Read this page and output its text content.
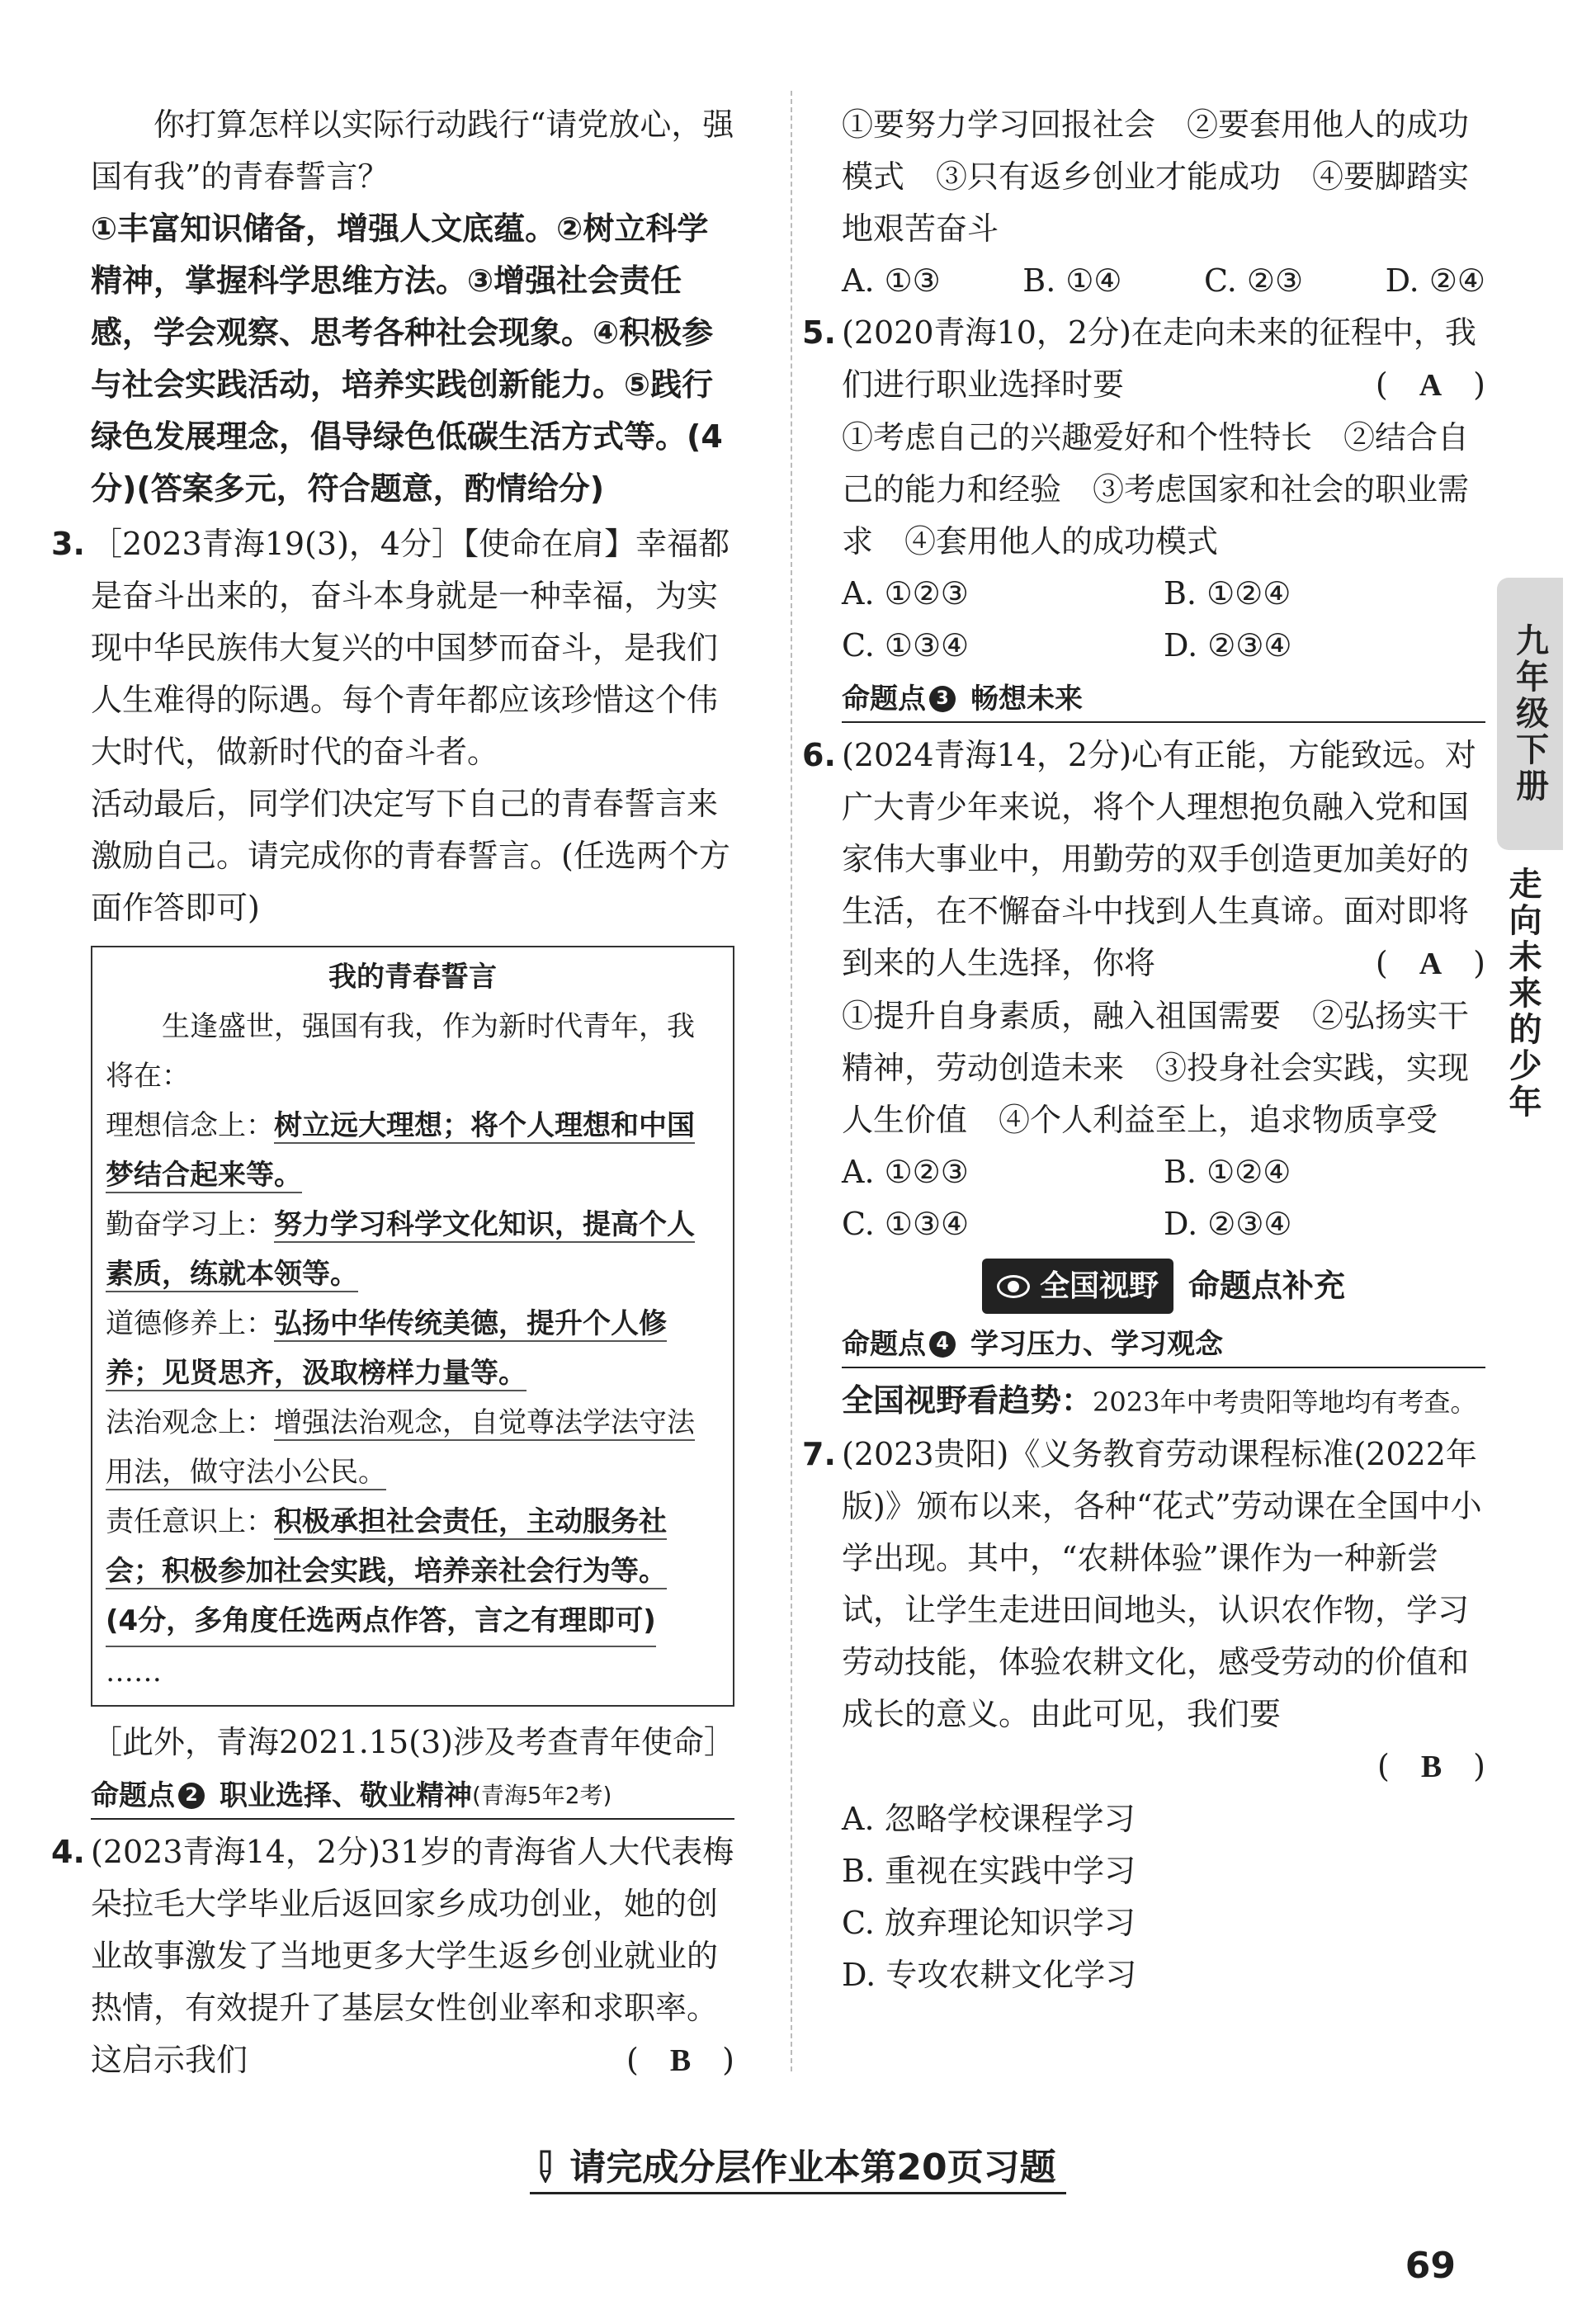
你打算怎样以实际行动践行“请党放心，强国有我”的青春誓言？
①丰富知识储备，增强人文底蕴。②树立科学精神，掌握科学思维方法。③增强社会责任感，学会观察、思考各种社会现象。④积极参与社会实践活动，培养实践创新能力。⑤践行绿色发展理念，倡导绿色低碳生活方式等。(4分)(答案多元，符合题意，酌情给分)
3. ［2023青海19(3)，4分］【使命在肩】幸福都是奋斗出来的，奋斗本身就是一种幸福，为实现中华民族伟大复兴的中国梦而奋斗，是我们人生难得的际遇。每个青年都应该珍惜这个伟大时代，做新时代的奋斗者。
活动最后，同学们决定写下自己的青春誓言来激励自己。请完成你的青春誓言。(任选两个方面作答即可)
我的青春誓言
生逢盛世，强国有我，作为新时代青年，我将在：
理想信念上：树立远大理想；将个人理想和中国梦结合起来等。
勤奋学习上：努力学习科学文化知识，提高个人素质，练就本领等。
道德修养上：弘扬中华传统美德，提升个人修养；见贤思齐，汲取榜样力量等。
法治观念上：增强法治观念，自觉尊法学法守法用法，做守法小公民。
责任意识上：积极承担社会责任，主动服务社会；积极参加社会实践，培养亲社会行为等。
(4分，多角度任选两点作答，言之有理即可)
……
［此外，青海2021.15(3)涉及考查青年使命］
命题点 2 职业选择、敬业精神 (青海5年2考)
4. (2023青海14，2分)31岁的青海省人大代表梅朵拉毛大学毕业后返回家乡成功创业，她的创业故事激发了当地更多大学生返乡创业就业的热情，有效提升了基层女性创业率和求职率。这启示我们	(　B　)
①要努力学习回报社会　②要套用他人的成功模式　③只有返乡创业才能成功　④要脚踏实地艰苦奋斗
A. ①③	B. ①④	C. ②③	D. ②④
5. (2020青海10，2分)在走向未来的征程中，我们进行职业选择时要	(　A　)
①考虑自己的兴趣爱好和个性特长　②结合自己的能力和经验　③考虑国家和社会的职业需求　④套用他人的成功模式
A. ①②③	B. ①②④
C. ①③④	D. ②③④
命题点 3 畅想未来
6. (2024青海14，2分)心有正能，方能致远。对广大青少年来说，将个人理想抱负融入党和国家伟大事业中，用勤劳的双手创造更加美好的生活，在不懈奋斗中找到人生真谛。面对即将到来的人生选择，你将	(　A　)
①提升自身素质，融入祖国需要　②弘扬实干精神，劳动创造未来　③投身社会实践，实现人生价值　④个人利益至上，追求物质享受
A. ①②③	B. ①②④
C. ①③④	D. ②③④
全国视野 命题点补充
命题点 4 学习压力、学习观念
全国视野看趋势：2023年中考贵阳等地均有考查。
7. (2023贵阳)《义务教育劳动课程标准(2022年版)》颁布以来，各种“花式”劳动课在全国中小学出现。其中，“农耕体验”课作为一种新尝试，让学生走进田间地头，认识农作物，学习劳动技能，体验农耕文化，感受劳动的价值和成长的意义。由此可见，我们要
(　B　)
A. 忽略学校课程学习
B. 重视在实践中学习
C. 放弃理论知识学习
D. 专攻农耕文化学习
九年级下册
走向未来的少年
请完成分层作业本第20页习题
69
